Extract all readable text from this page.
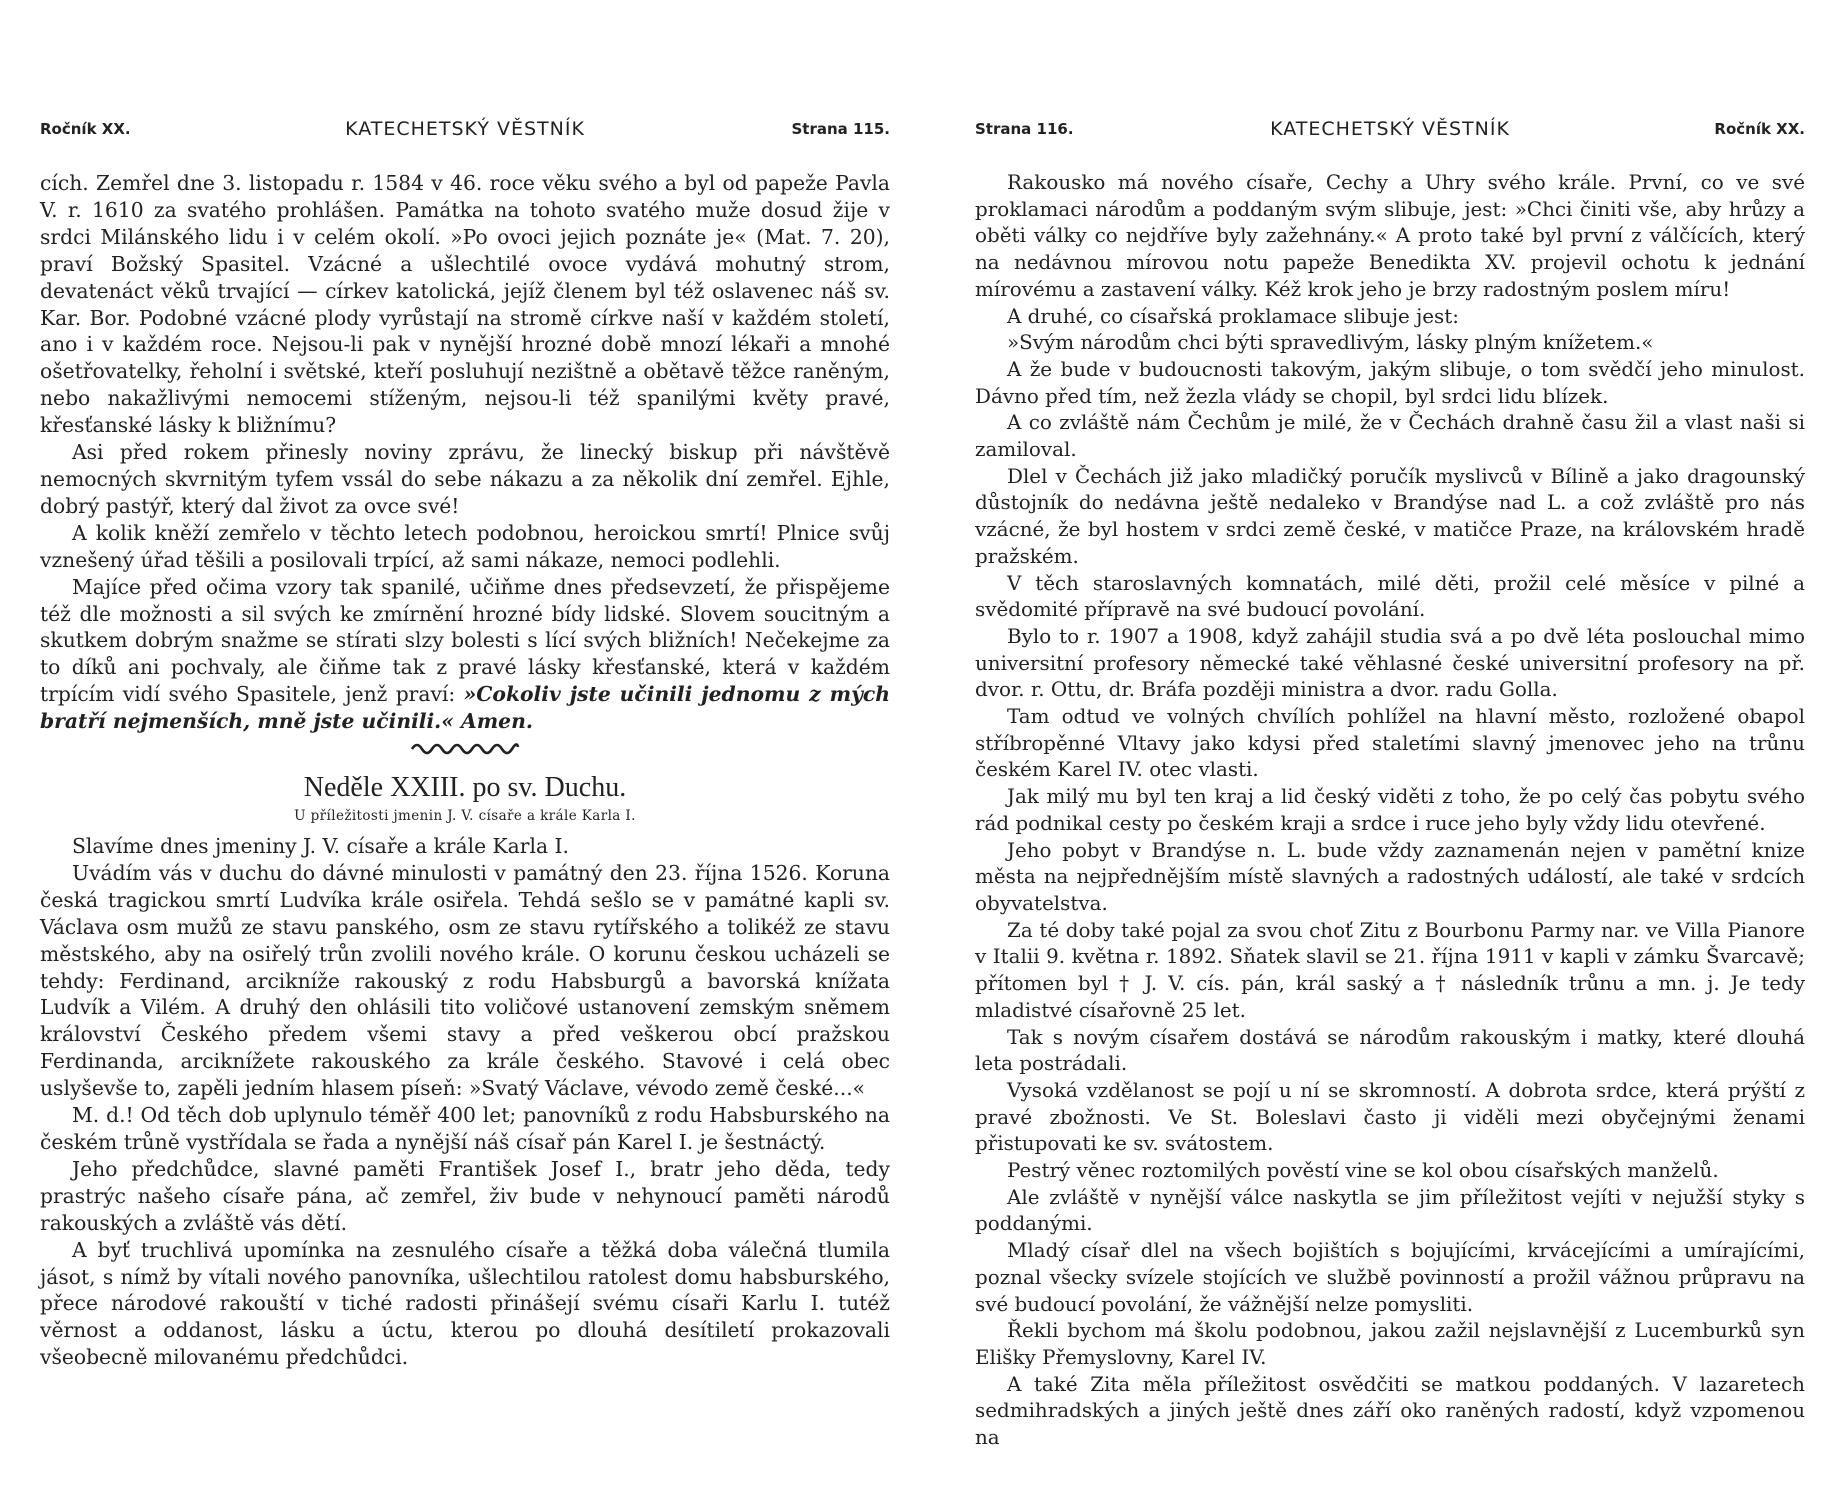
Ročník XX.	KATECHETSKÝ VĚSTNÍK	Strana 115.

cích. Zemřel dne 3. listopadu r. 1584 v 46. roce věku svého a byl od papeže Pavla V. r. 1610 za svatého prohlášen. Památka na tohoto svatého muže dosud žije v srdci Milánského lidu i v celém okolí. »Po ovoci jejich poznáte je« (Mat. 7. 20), praví Božský Spasitel. Vzácné a ušlechtilé ovoce vydává mohutný strom, devatenáct věků trvající — církev katolická, jejíž členem byl též oslavenec náš sv. Kar. Bor. Podobné vzácné plody vyrůstají na stromě církve naší v každém století, ano i v každém roce. Nejsou-li pak v nynější hrozné době mnozí lékaři a mnohé ošetřovatelky, řeholní i světské, kteří posluhují nezištně a obětavě těžce raněným, nebo nakažlivými nemocemi stíženým, nejsou-li též spanilými květy pravé, křesťanské lásky k bližnímu?

Asi před rokem přinesly noviny zprávu, že linecký biskup při návštěvě nemocných skvrnitým tyfem vssál do sebe nákazu a za několik dní zemřel. Ejhle, dobrý pastýř, který dal život za ovce své!

A kolik kněží zemřelo v těchto letech podobnou, heroickou smrtí! Plnice svůj vznešený úřad těšili a posilovali trpící, až sami nákaze, nemoci podlehli.

Majíce před očima vzory tak spanilé, učiňme dnes předsevzetí, že přispějeme též dle možnosti a sil svých ke zmírnění hrozné bídy lidské. Slovem soucitným a skutkem dobrým snažme se stírati slzy bolesti s lící svých bližních! Nečekejme za to díků ani pochvaly, ale čiňme tak z pravé lásky křesťanské, která v každém trpícím vidí svého Spasitele, jenž praví: »Cokoliv jste učinili jednomu z mých bratří nejmenších, mně jste učinili.« Amen.

Neděle XXIII. po sv. Duchu.
U příležitosti jmenin J. V. císaře a krále Karla I.

Slavíme dnes jmeniny J. V. císaře a krále Karla I.

Uvádím vás v duchu do dávné minulosti v památný den 23. října 1526. Koruna česká tragickou smrtí Ludvíka krále osiřela. Tehdá sešlo se v památné kapli sv. Václava osm mužů ze stavu panského, osm ze stavu rytířského a tolikéž ze stavu městského, aby na osiřelý trůn zvolili nového krále. O korunu českou ucházeli se tehdy: Ferdinand, arcikníže rakouský z rodu Habsburgů a bavorská knížata Ludvík a Vilém. A druhý den ohlásili tito voličové ustanovení zemským sněmem království Českého předem všemi stavy a před veškerou obcí pražskou Ferdinanda, arciknížete rakouského za krále českého. Stavové i celá obec uslyševše to, zapěli jedním hlasem píseň: »Svatý Václave, vévodo země české...«

M. d.! Od těch dob uplynulo téměř 400 let; panovníků z rodu Habsburského na českém trůně vystřídala se řada a nynější náš císař pán Karel I. je šestnáctý.

Jeho předchůdce, slavné paměti František Josef I., bratr jeho děda, tedy prastrýc našeho císaře pána, ač zemřel, živ bude v nehynoucí paměti národů rakouských a zvláště vás dětí.

A byť truchlivá upomínka na zesnulého císaře a těžká doba válečná tlumila jásot, s nímž by vítali nového panovníka, ušlechtilou ratolest domu habsburského, přece národové rakouští v tiché radosti přinášejí svému císaři Karlu I. tutéž věrnost a oddanost, lásku a úctu, kterou po dlouhá desítiletí prokazovali všeobecně milovanému předchůdci.

Strana 116.	KATECHETSKÝ VĚSTNÍK	Ročník XX.

Rakousko má nového císaře, Cechy a Uhry svého krále. První, co ve své proklamaci národům a poddaným svým slibuje, jest: »Chci činiti vše, aby hrůzy a oběti války co nejdříve byly zažehnány.« A proto také byl první z válčících, který na nedávnou mírovou notu papeže Benedikta XV. projevil ochotu k jednání mírovému a zastavení války. Kéž krok jeho je brzy radostným poslem míru!

A druhé, co císařská proklamace slibuje jest:

»Svým národům chci býti spravedlivým, lásky plným knížetem.«

A že bude v budoucnosti takovým, jakým slibuje, o tom svědčí jeho minulost. Dávno před tím, než žezla vlády se chopil, byl srdci lidu blízek.

A co zvláště nám Čechům je milé, že v Čechách drahně času žil a vlast naši si zamiloval.

Dlel v Čechách již jako mladičký poručík myslivců v Bílině a jako dragounský důstojník do nedávna ještě nedaleko v Brandýse nad L. a což zvláště pro nás vzácné, že byl hostem v srdci země české, v matičce Praze, na královském hradě pražském.

V těch staroslavných komnatách, milé děti, prožil celé měsíce v pilné a svědomité přípravě na své budoucí povolání.

Bylo to r. 1907 a 1908, když zahájil studia svá a po dvě léta poslouchal mimo universitní profesory německé také věhlasné české universitní profesory na př. dvor. r. Ottu, dr. Bráfa později ministra a dvor. radu Golla.

Tam odtud ve volných chvílích pohlížel na hlavní město, rozložené obapol stříbropěnné Vltavy jako kdysi před staletími slavný jmenovec jeho na trůnu českém Karel IV. otec vlasti.

Jak milý mu byl ten kraj a lid český viděti z toho, že po celý čas pobytu svého rád podnikal cesty po českém kraji a srdce i ruce jeho byly vždy lidu otevřené.

Jeho pobyt v Brandýse n. L. bude vždy zaznamenán nejen v pamětní knize města na nejpřednějším místě slavných a radostných událostí, ale také v srdcích obyvatelstva.

Za té doby také pojal za svou choť Zitu z Bourbonu Parmy nar. ve Villa Pianore v Italii 9. května r. 1892. Sňatek slavil se 21. října 1911 v kapli v zámku Švarcavě; přítomen byl † J. V. cís. pán, král saský a † následník trůnu a mn. j. Je tedy mladistvé císařovně 25 let.

Tak s novým císařem dostává se národům rakouským i matky, které dlouhá leta postrádali.

Vysoká vzdělanost se pojí u ní se skromností. A dobrota srdce, která prýští z pravé zbožnosti. Ve St. Boleslavi často ji viděli mezi obyčejnými ženami přistupovati ke sv. svátostem.

Pestrý věnec roztomilých pověstí vine se kol obou císařských manželů.

Ale zvláště v nynější válce naskytla se jim příležitost vejíti v nejužší styky s poddanými.

Mladý císař dlel na všech bojištích s bojujícími, krvácejícími a umírajícími, poznal všecky svízele stojících ve službě povinností a prožil vážnou průpravu na své budoucí povolání, že vážnější nelze pomysliti.

Řekli bychom má školu podobnou, jakou zažil nejslavnější z Lucemburků syn Elišky Přemyslovny, Karel IV.

A také Zita měla příležitost osvědčiti se matkou poddaných. V lazaretech sedmihradských a jiných ještě dnes září oko raněných radostí, když vzpomenou na
